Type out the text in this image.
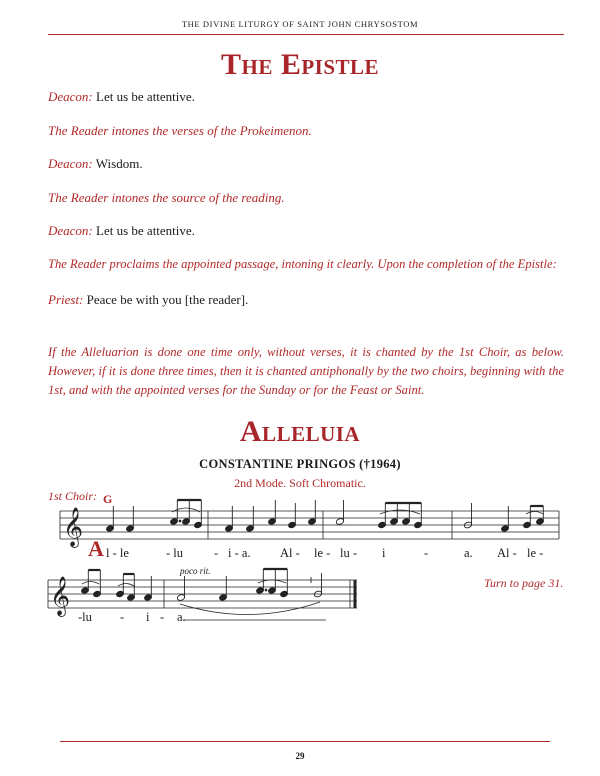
THE DIVINE LITURGY OF SAINT JOHN CHRYSOSTOM
The Epistle
Deacon: Let us be attentive.
The Reader intones the verses of the Prokeimenon.
Deacon: Wisdom.
The Reader intones the source of the reading.
Deacon: Let us be attentive.
The Reader proclaims the appointed passage, intoning it clearly. Upon the completion of the Epistle:
Priest: Peace be with you [the reader].
If the Alleluarion is done one time only, without verses, it is chanted by the 1st Choir, as below. However, if it is done three times, then it is chanted antiphonally by the two choirs, beginning with the 1st, and with the appointed verses for the Sunday or for the Feast or Saint.
Alleluia
CONSTANTINE PRINGOS (†1964)
2nd Mode. Soft Chromatic.
1st Choir:
𝄞
G
𝄞
poco rit.
A l - le	- lu - i - a. Al - le - lu - i	-	a. Al - le -
-lu - i - a.
Turn to page 31.
29
